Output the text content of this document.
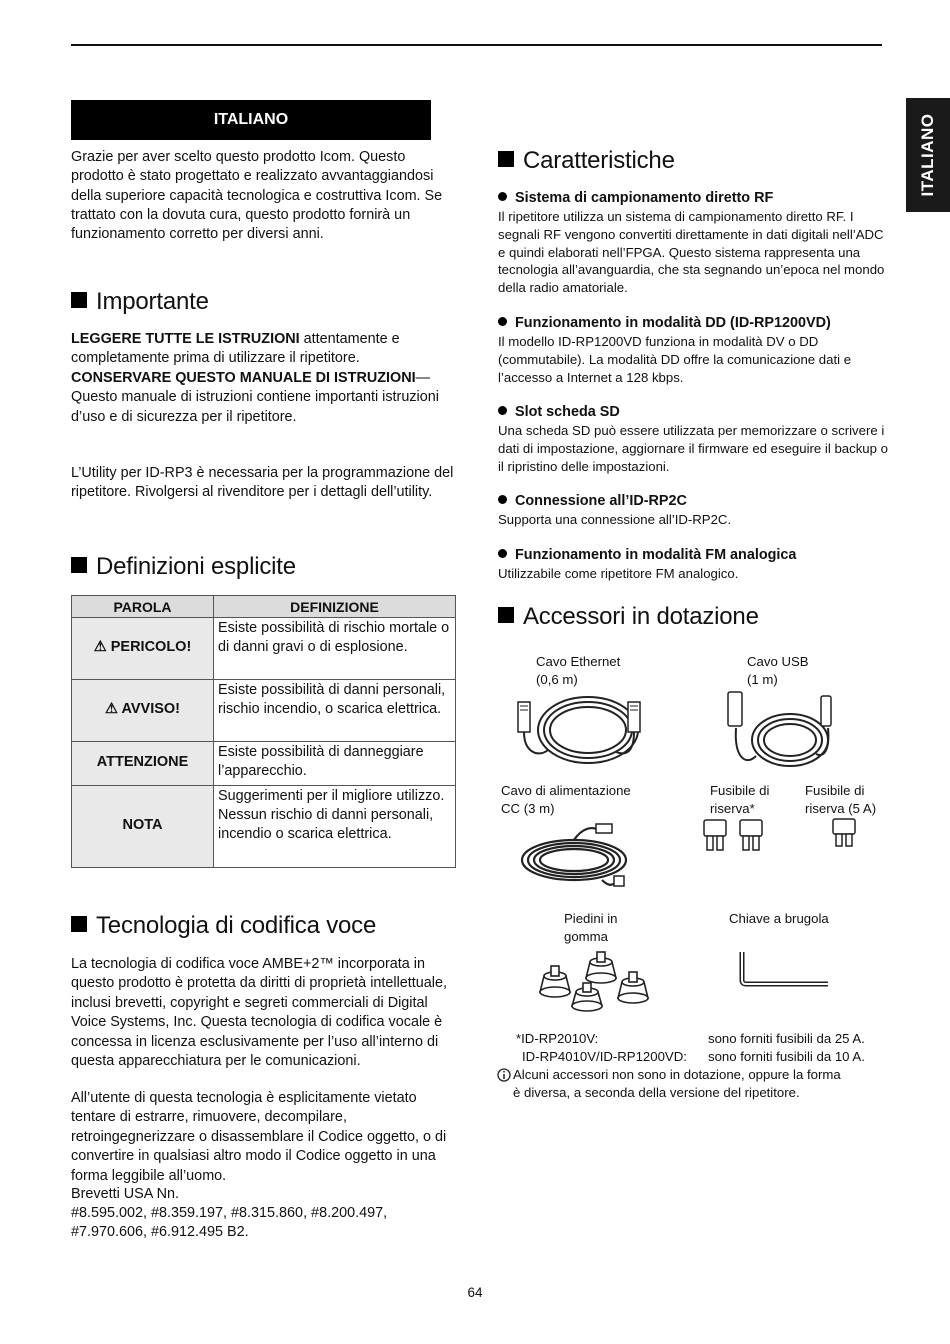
ITALIANO
ITALIANO

Grazie per aver scelto questo prodotto Icom. Questo prodotto è stato progettato e realizzato avvantaggiandosi della superiore capacità tecnologica e costruttiva Icom. Se trattato con la dovuta cura, questo prodotto fornirà un funzionamento corretto per diversi anni.

Importante

LEGGERE TUTTE LE ISTRUZIONI attentamente e completamente prima di utilizzare il ripetitore.

CONSERVARE QUESTO MANUALE DI ISTRUZIONI— Questo manuale di istruzioni contiene importanti istruzioni d’uso e di sicurezza per il ripetitore.

L’Utility per ID-RP3 è necessaria per la programmazione del ripetitore. Rivolgersi al rivenditore per i dettagli dell’utility.

Definizioni esplicite
PAROLA	DEFINIZIONE
⚠ PERICOLO!	Esiste possibilità di rischio mortale o di danni gravi o di esplosione.
⚠ AVVISO!	Esiste possibilità di danni personali, rischio incendio, o scarica elettrica.
ATTENZIONE	Esiste possibilità di danneggiare l’apparecchio.
NOTA	Suggerimenti per il migliore utilizzo. Nessun rischio di danni personali, incendio o scarica elettrica.
Tecnologia di codifica voce

La tecnologia di codifica voce AMBE+2™ incorporata in questo prodotto è protetta da diritti di proprietà intellettuale, inclusi brevetti, copyright e segreti commerciali di Digital Voice Systems, Inc. Questa tecnologia di codifica vocale è concessa in licenza esclusivamente per l’uso all’interno di questa apparecchiatura per le comunicazioni.

All’utente di questa tecnologia è esplicitamente vietato tentare di estrarre, rimuovere, decompilare, retroingegnerizzare o disassemblare il Codice oggetto, o di convertire in qualsiasi altro modo il Codice oggetto in una forma leggibile all’uomo.

Brevetti USA Nn.

#8.595.002, #8.359.197, #8.315.860, #8.200.497, #7.970.606, #6.912.495 B2.

Caratteristiche

Sistema di campionamento diretto RF

Il ripetitore utilizza un sistema di campionamento diretto RF. I segnali RF vengono convertiti direttamente in dati digitali nell’ADC e quindi elaborati nell’FPGA. Questo sistema rappresenta una tecnologia all’avanguardia, che sta segnando un’epoca nel mondo della radio amatoriale.

Funzionamento in modalità DD (ID-RP1200VD)

Il modello ID-RP1200VD funziona in modalità DV o DD (commutabile). La modalità DD offre la comunicazione dati e l’accesso a Internet a 128 kbps.

Slot scheda SD

Una scheda SD può essere utilizzata per memorizzare o scrivere i dati di impostazione, aggiornare il firmware ed eseguire il backup o il ripristino delle impostazioni.

Connessione all’ID-RP2C

Supporta una connessione all’ID-RP2C.

Funzionamento in modalità FM analogica

Utilizzabile come ripetitore FM analogico.

Accessori in dotazione

Cavo Ethernet
(0,6 m)

Cavo USB
(1 m)

Cavo di alimentazione
CC (3 m)

Fusibile di
riserva*

Fusibile di
riserva (5 A)

Piedini in
gomma

Chiave a brugola

*ID-RP2010V:	sono forniti fusibili da 25 A.

ID-RP4010V/ID-RP1200VD: sono forniti fusibili da 10 A.

Alcuni accessori non sono in dotazione, oppure la forma

è diversa, a seconda della versione del ripetitore.

64
